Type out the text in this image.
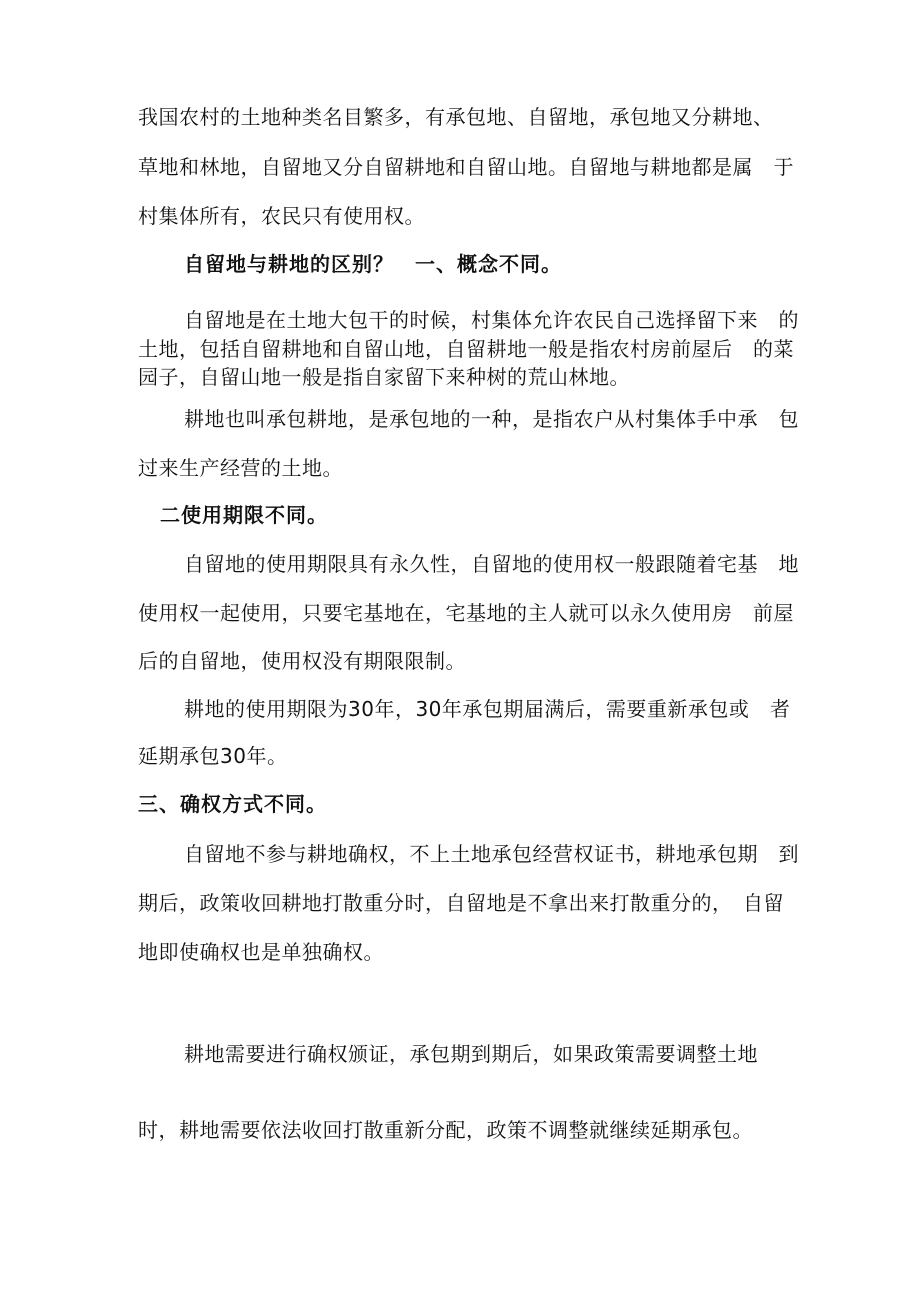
我国农村的土地种类名目繁多，有承包地、自留地，承包地又分耕地、
草地和林地，自留地又分自留耕地和自留山地。自留地与耕地都是属　于
村集体所有，农民只有使用权。
自留地与耕地的区别？　一、概念不同。
自留地是在土地大包干的时候，村集体允许农民自己选择留下来　的
土地，包括自留耕地和自留山地，自留耕地一般是指农村房前屋后　的菜
园子，自留山地一般是指自家留下来种树的荒山林地。
耕地也叫承包耕地，是承包地的一种，是指农户从村集体手中承　包
过来生产经营的土地。
二使用期限不同。
自留地的使用期限具有永久性，自留地的使用权一般跟随着宅基　地
使用权一起使用，只要宅基地在，宅基地的主人就可以永久使用房　前屋
后的自留地，使用权没有期限限制。
耕地的使用期限为30年，30年承包期届满后，需要重新承包或　者
延期承包30年。
三、确权方式不同。
自留地不参与耕地确权，不上土地承包经营权证书，耕地承包期　到
期后，政策收回耕地打散重分时，自留地是不拿出来打散重分的，　自留
地即使确权也是单独确权。
耕地需要进行确权颁证，承包期到期后，如果政策需要调整土地
时，耕地需要依法收回打散重新分配，政策不调整就继续延期承包。
